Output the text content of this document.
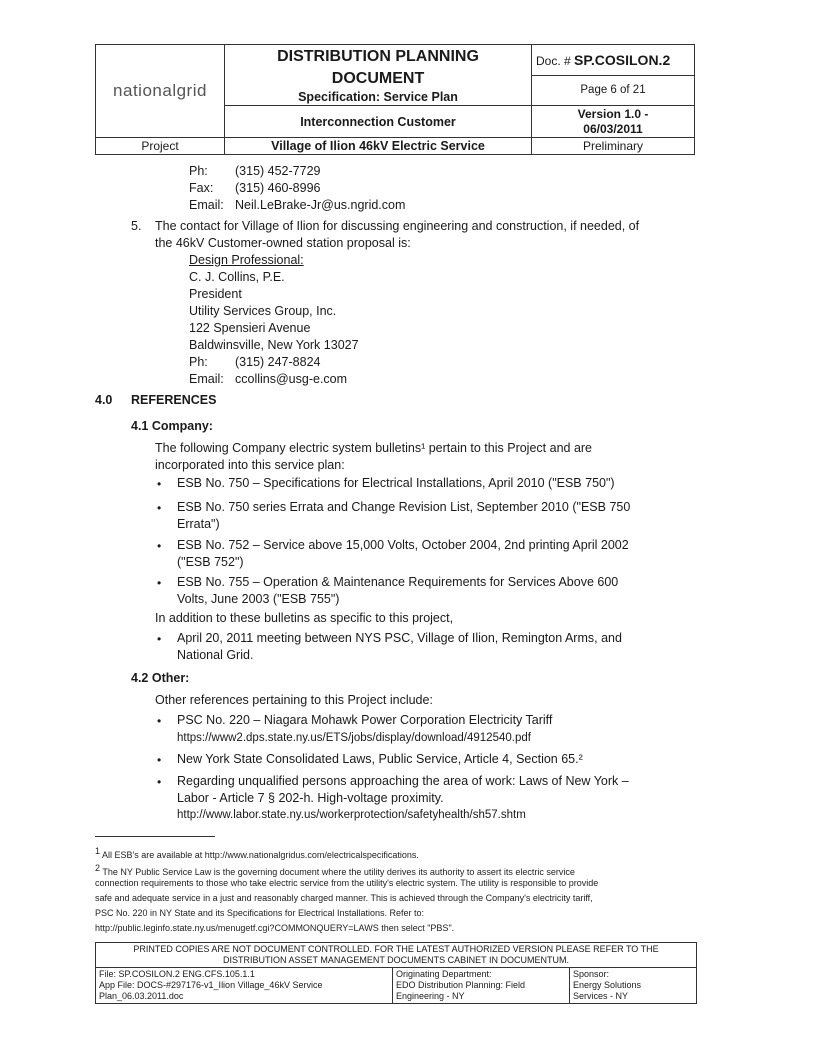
nationalgrid	DISTRIBUTION PLANNING
DOCUMENT
Specification: Service Plan	Doc. # SP.COSILON.2
		Page 6 of 21
	Interconnection Customer	Version 1.0 -
06/03/2011

Project	Village of Ilion 46kV Electric Service	Preliminary
Ph: (315) 452-7729
Fax: (315) 460-8996
Email: Neil.LeBrake-Jr@us.ngrid.com
5. The contact for Village of Ilion for discussing engineering and construction, if needed, of
the 46kV Customer-owned station proposal is:
Design Professional:
C. J. Collins, P.E.
President
Utility Services Group, Inc.
122 Spensieri Avenue
Baldwinsville, New York 13027
Ph: (315) 247-8824
Email: ccollins@usg-e.com
4.0 REFERENCES
4.1 Company:
The following Company electric system bulletins¹ pertain to this Project and are
incorporated into this service plan:
• ESB No. 750 – Specifications for Electrical Installations, April 2010 ("ESB 750")
• ESB No. 750 series Errata and Change Revision List, September 2010 ("ESB 750
Errata")
• ESB No. 752 – Service above 15,000 Volts, October 2004, 2nd printing April 2002
("ESB 752")
• ESB No. 755 – Operation & Maintenance Requirements for Services Above 600
Volts, June 2003 ("ESB 755")
In addition to these bulletins as specific to this project,
• April 20, 2011 meeting between NYS PSC, Village of Ilion, Remington Arms, and
National Grid.
4.2 Other:
Other references pertaining to this Project include:
• PSC No. 220 – Niagara Mohawk Power Corporation Electricity Tariff
https://www2.dps.state.ny.us/ETS/jobs/display/download/4912540.pdf
• New York State Consolidated Laws, Public Service, Article 4, Section 65.²
• Regarding unqualified persons approaching the area of work: Laws of New York –
Labor - Article 7 § 202-h. High-voltage proximity.
http://www.labor.state.ny.us/workerprotection/safetyhealth/sh57.shtm
$^1$ All ESB's are available at http://www.nationalgridus.com/electricalspecifications.
$^2$ The NY Public Service Law is the governing document where the utility derives its authority to assert its electric service
connection requirements to those who take electric service from the utility's electric system. The utility is responsible to provide
safe and adequate service in a just and reasonably charged manner. This is achieved through the Company's electricity tariff,
PSC No. 220 in NY State and its Specifications for Electrical Installations. Refer to:
http://public.leginfo.state.ny.us/menugetf.cgi?COMMONQUERY=LAWS then select "PBS".
PRINTED COPIES ARE NOT DOCUMENT CONTROLLED. FOR THE LATEST AUTHORIZED VERSION PLEASE REFER TO THE
DISTRIBUTION ASSET MANAGEMENT DOCUMENTS CABINET IN DOCUMENTUM.

File: SP.COSILON.2 ENG.CFS.105.1.1
App File: DOCS-#297176-v1_Ilion Village_46kV Service
Plan_06.03.2011.doc

Originating Department:
EDO Distribution Planning: Field
Engineering - NY

Sponsor:
Energy Solutions
Services - NY
